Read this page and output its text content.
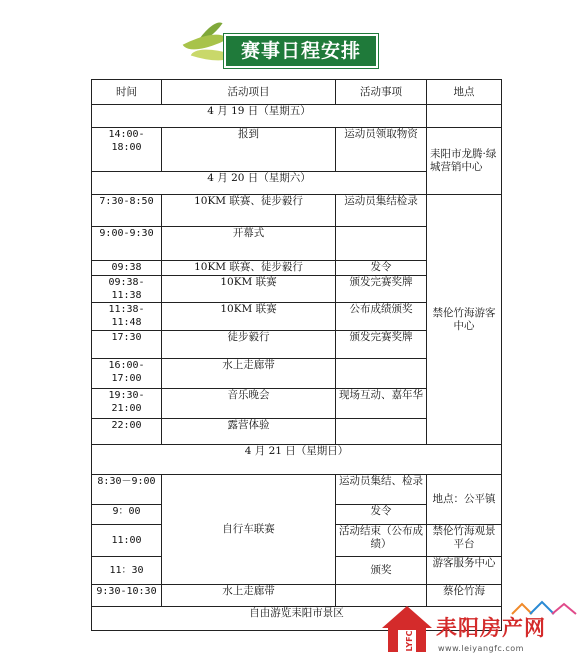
赛事日程安排
时间	活动项目	活动事项	地点
4 月 19 日（星期五）			
14:00-18:00	报到	运动员领取物资	耒阳市龙腾·绿城营销中心
4 月 20 日（星期六）			
7:30-8:50	10KM 联赛、徒步毅行	运动员集结检录	禁伦竹海游客中心
9:00-9:30	开幕式		
09:38	10KM 联赛、徒步毅行	发令	
09:38-11:38	10KM 联赛	颁发完赛奖牌	
11:38-11:48	10KM 联赛	公布成绩颁奖	
17:30	徒步毅行	颁发完赛奖牌	
16:00-17:00	水上走廊带		
19:30-21:00	音乐晚会	现场互动、嘉年华	
22:00	露营体验		
4 月 21 日（星期日）			
8:30－9:00	自行车联赛	运动员集结、检录	地点：公平镇
9：00		发令	
11:00		活动结束（公布成绩）	禁伦竹海观景平台
11：30		颁奖	游客服务中心
9:30-10:30	水上走廊带		蔡伦竹海
自由游览耒阳市景区			
LYFC
耒阳房产网
www.leiyangfc.com
